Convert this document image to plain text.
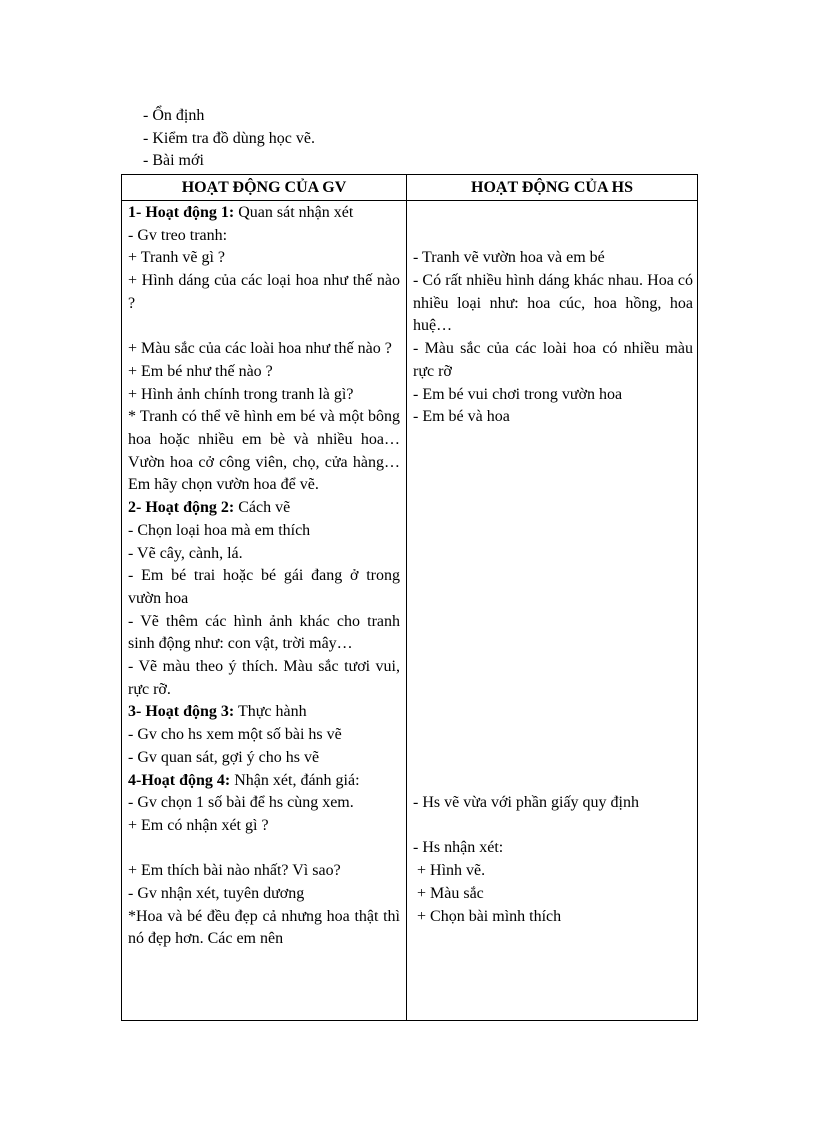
- Ổn định
- Kiểm tra đồ dùng học vẽ.
- Bài mới
HOẠT ĐỘNG CỦA GV	HOẠT ĐỘNG CỦA HS

1- Hoạt động 1: Quan sát nhận xét

- Gv treo tranh:

+ Tranh vẽ gì ?

+ Hình dáng của các loại hoa như thế nào ?

+ Màu sắc của các loài hoa như thế nào ?

+ Em bé như thế nào ?

+ Hình ảnh chính trong tranh là gì?

* Tranh có thể vẽ hình em bé và một bông hoa hoặc nhiều em bè và nhiều hoa…Vườn hoa cở công viên, chọ, cửa hàng… Em hãy chọn vườn hoa để vẽ.

2- Hoạt động 2: Cách vẽ

- Chọn loại hoa mà em thích

- Vẽ cây, cành, lá.

- Em bé trai hoặc bé gái đang ở trong vườn hoa

- Vẽ thêm các hình ảnh khác cho tranh sinh động như: con vật, trời mây…

- Vẽ màu theo ý thích. Màu sắc tươi vui, rực rỡ.

3- Hoạt động 3: Thực hành

- Gv cho hs xem một số bài hs vẽ

- Gv quan sát, gợi ý cho hs vẽ

4-Hoạt động 4: Nhận xét, đánh giá:

- Gv chọn 1 số bài để hs cùng xem.

+ Em có nhận xét gì ?

+ Em thích bài nào nhất? Vì sao?

- Gv nhận xét, tuyên dương

*Hoa và bé đều đẹp cả nhưng hoa thật thì nó đẹp hơn. Các em nên

- Tranh vẽ vườn hoa và em bé

- Có rất nhiều hình dáng khác nhau. Hoa có nhiều loại như: hoa cúc, hoa hồng, hoa huệ…

- Màu sắc của các loài hoa có nhiều màu rực rỡ

- Em bé vui chơi trong vườn hoa

- Em bé và hoa

- Hs vẽ vừa với phần giấy quy định

- Hs nhận xét:

+ Hình vẽ.

+ Màu sắc

+ Chọn bài mình thích
